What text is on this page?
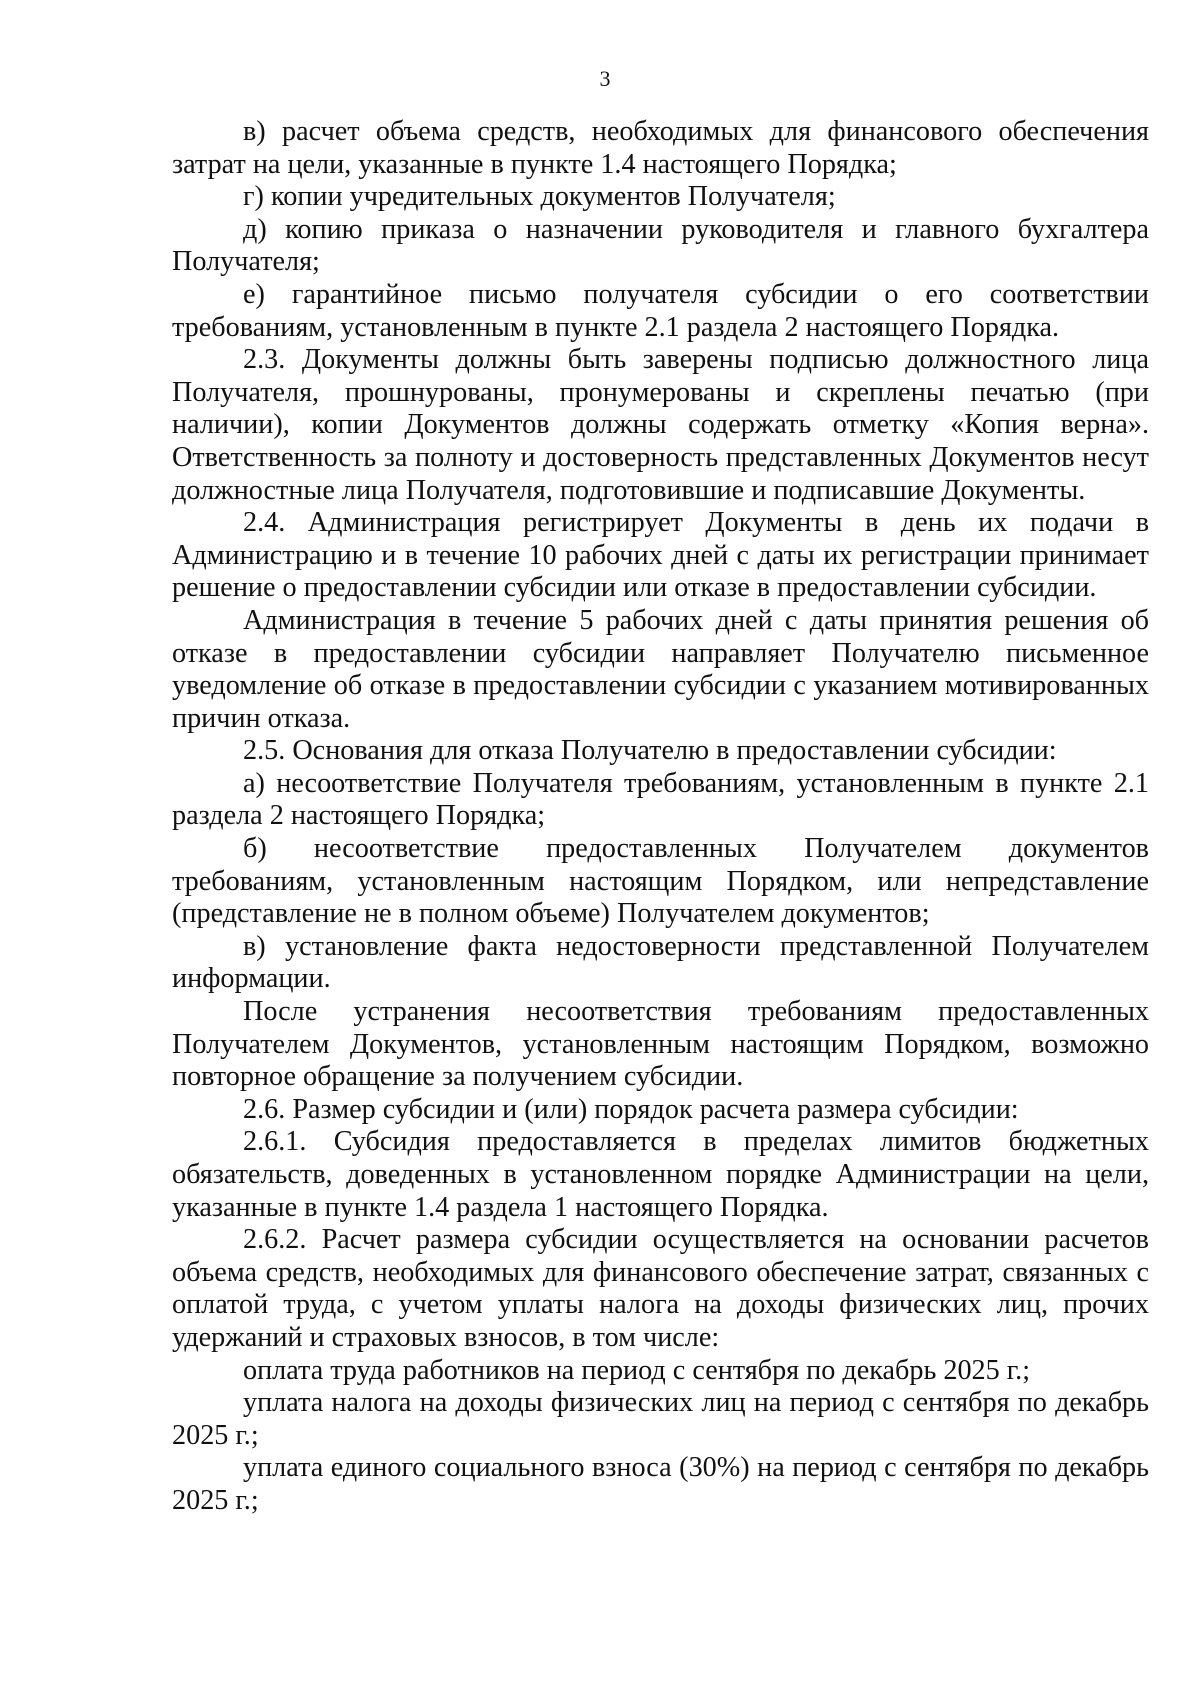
3

в) расчет объема средств, необходимых для финансового обеспечения затрат на цели, указанные в пункте 1.4 настоящего Порядка;

г) копии учредительных документов Получателя;

д) копию приказа о назначении руководителя и главного бухгалтера Получателя;

е) гарантийное письмо получателя субсидии о его соответствии требованиям, установленным в пункте 2.1 раздела 2 настоящего Порядка.

2.3. Документы должны быть заверены подписью должностного лица Получателя, прошнурованы, пронумерованы и скреплены печатью (при наличии), копии Документов должны содержать отметку «Копия верна». Ответственность за полноту и достоверность представленных Документов несут должностные лица Получателя, подготовившие и подписавшие Документы.

2.4. Администрация регистрирует Документы в день их подачи в Администрацию и в течение 10 рабочих дней с даты их регистрации принимает решение о предоставлении субсидии или отказе в предоставлении субсидии.

Администрация в течение 5 рабочих дней с даты принятия решения об отказе в предоставлении субсидии направляет Получателю письменное уведомление об отказе в предоставлении субсидии с указанием мотивированных причин отказа.

2.5. Основания для отказа Получателю в предоставлении субсидии:

а) несоответствие Получателя требованиям, установленным в пункте 2.1 раздела 2 настоящего Порядка;

б) несоответствие предоставленных Получателем документов требованиям, установленным настоящим Порядком, или непредставление (представление не в полном объеме) Получателем документов;

в) установление факта недостоверности представленной Получателем информации.

После устранения несоответствия требованиям предоставленных Получателем Документов, установленным настоящим Порядком, возможно повторное обращение за получением субсидии.

2.6. Размер субсидии и (или) порядок расчета размера субсидии:

2.6.1. Субсидия предоставляется в пределах лимитов бюджетных обязательств, доведенных в установленном порядке Администрации на цели, указанные в пункте 1.4 раздела 1 настоящего Порядка.

2.6.2. Расчет размера субсидии осуществляется на основании расчетов объема средств, необходимых для финансового обеспечение затрат, связанных с оплатой труда, с учетом уплаты налога на доходы физических лиц, прочих удержаний и страховых взносов, в том числе:

оплата труда работников на период с сентября по декабрь 2025 г.;

уплата налога на доходы физических лиц на период с сентября по декабрь 2025 г.;

уплата единого социального взноса (30%) на период с сентября по декабрь 2025 г.;
